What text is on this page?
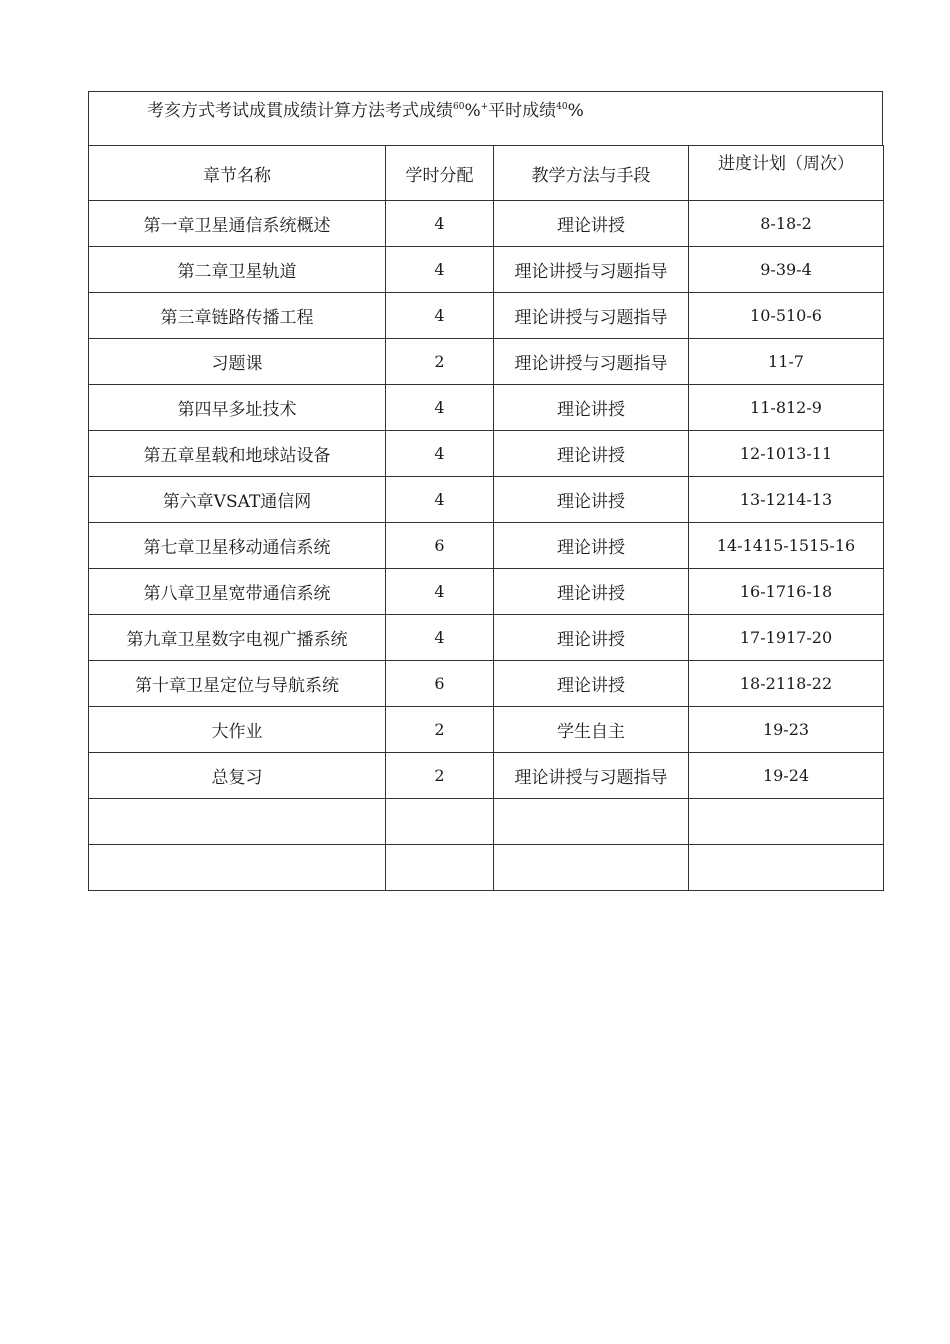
考亥方式考试成貫成绩计算方法考式成绩$^{60}$%+平时成绩$^{40}$%
章节名称	学时分配	教学方法与手段	进度计划（周次）
第一章卫星通信系统概述	4	理论讲授	8-18-2
第二章卫星轨道	4	理论讲授与习题指导	9-39-4
第三章链路传播工程	4	理论讲授与习题指导	10-510-6
习题课	2	理论讲授与习题指导	11-7
第四早多址技术	4	理论讲授	11-812-9
第五章星载和地球站设备	4	理论讲授	12-1013-11
第六章VSAT通信网	4	理论讲授	13-1214-13
第七章卫星移动通信系统	6	理论讲授	14-1415-1515-16
第八章卫星宽带通信系统	4	理论讲授	16-1716-18
第九章卫星数字电视广播系统	4	理论讲授	17-1917-20
第十章卫星定位与导航系统	6	理论讲授	18-2118-22
大作业	2	学生自主	19-23
总复习	2	理论讲授与习题指导	19-24
